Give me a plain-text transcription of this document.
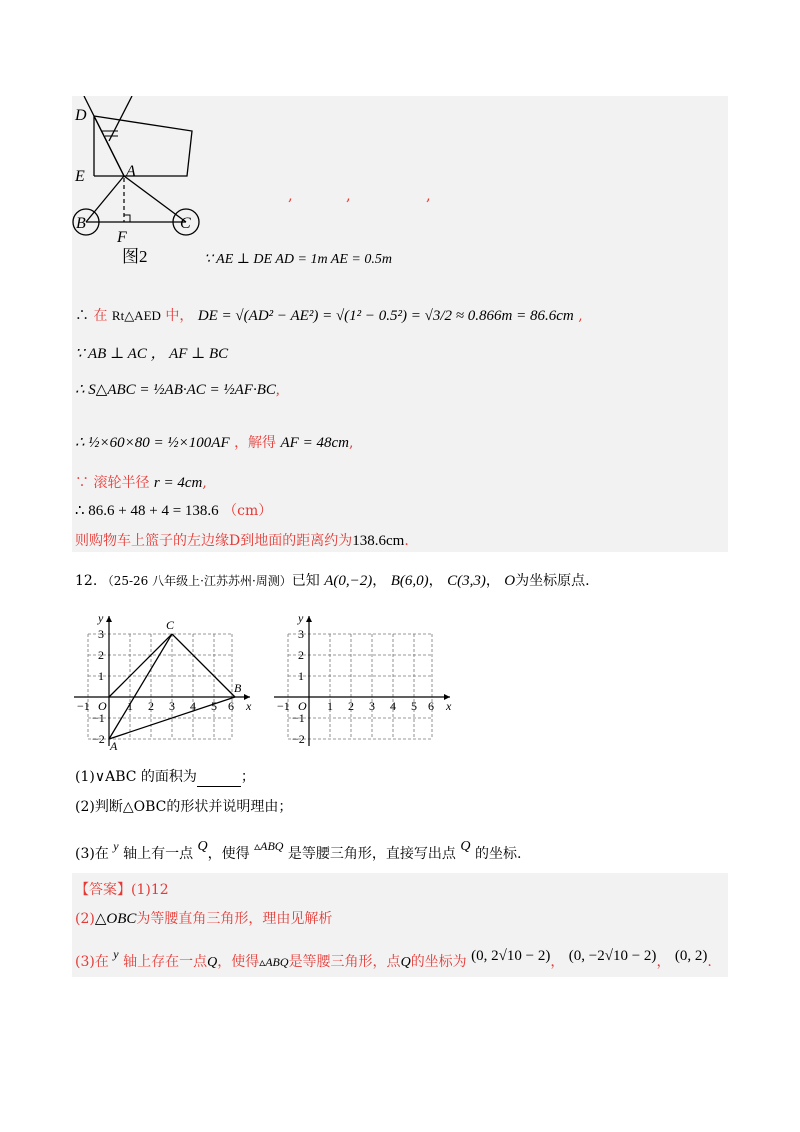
D
E	A
B	C
F
图2
,	,	,
∵ AE ⊥ DE AD = 1m AE = 0.5m
∴ 在 Rt△AED 中， DE = √(AD² − AE²) = √(1² − 0.5²) = √3/2 ≈ 0.866m = 86.6cm ,
∵ AB ⊥ AC ， AF ⊥ BC
∴ S△ABC = ½AB·AC = ½AF·BC,
∴ ½×60×80 = ½×100AF ，解得 AF = 48cm,
∵ 滚轮半径 r = 4cm,
∴ 86.6 + 48 + 4 = 138.6 （cm）
则购物车上篮子的左边缘D到地面的距离约为138.6cm.
12. （25-26 八年级上·江苏苏州·周测）已知 A(0,−2)， B(6,0)， C(3,3)， O为坐标原点.
y
x
O
C
B
A
−1	1 2 3 4 5 6
3
2
1
−1
−2
y
x
O
−1	1 2 3 4 5 6
3
2
1
−1
−2
(1)∨ABC 的面积为	；
(2)判断△OBC的形状并说明理由；
(3)在 y 轴上有一点 Q，使得 ▵ABQ 是等腰三角形，直接写出点 Q 的坐标.
【答案】(1)12
(2)△OBC为等腰直角三角形，理由见解析
(3)在 y 轴上存在一点Q，使得▵ABQ是等腰三角形，点Q的坐标为 (0, 2√10 − 2)， (0, −2√10 − 2)， (0, 2).
